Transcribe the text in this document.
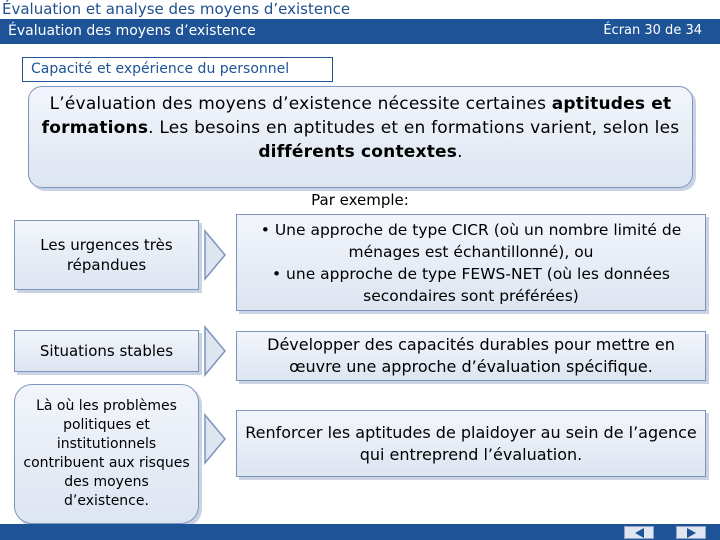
Évaluation et analyse des moyens d’existence
Évaluation des moyens d’existence	Écran 30 de 34
Capacité et expérience du personnel
L’évaluation des moyens d’existence nécessite certaines aptitudes et formations. Les besoins en aptitudes et en formations varient, selon les différents contextes.
Par exemple:
Les urgences très répandues
• Une approche de type CICR (où un nombre limité de ménages est échantillonné), ou
• une approche de type FEWS-NET (où les données secondaires sont préférées)
Situations stables	Développer des capacités durables pour mettre en œuvre une approche d’évaluation spécifique.
Là où les problèmes politiques et institutionnels contribuent aux risques des moyens d’existence.
Renforcer les aptitudes de plaidoyer au sein de l’agence qui entreprend l’évaluation.
